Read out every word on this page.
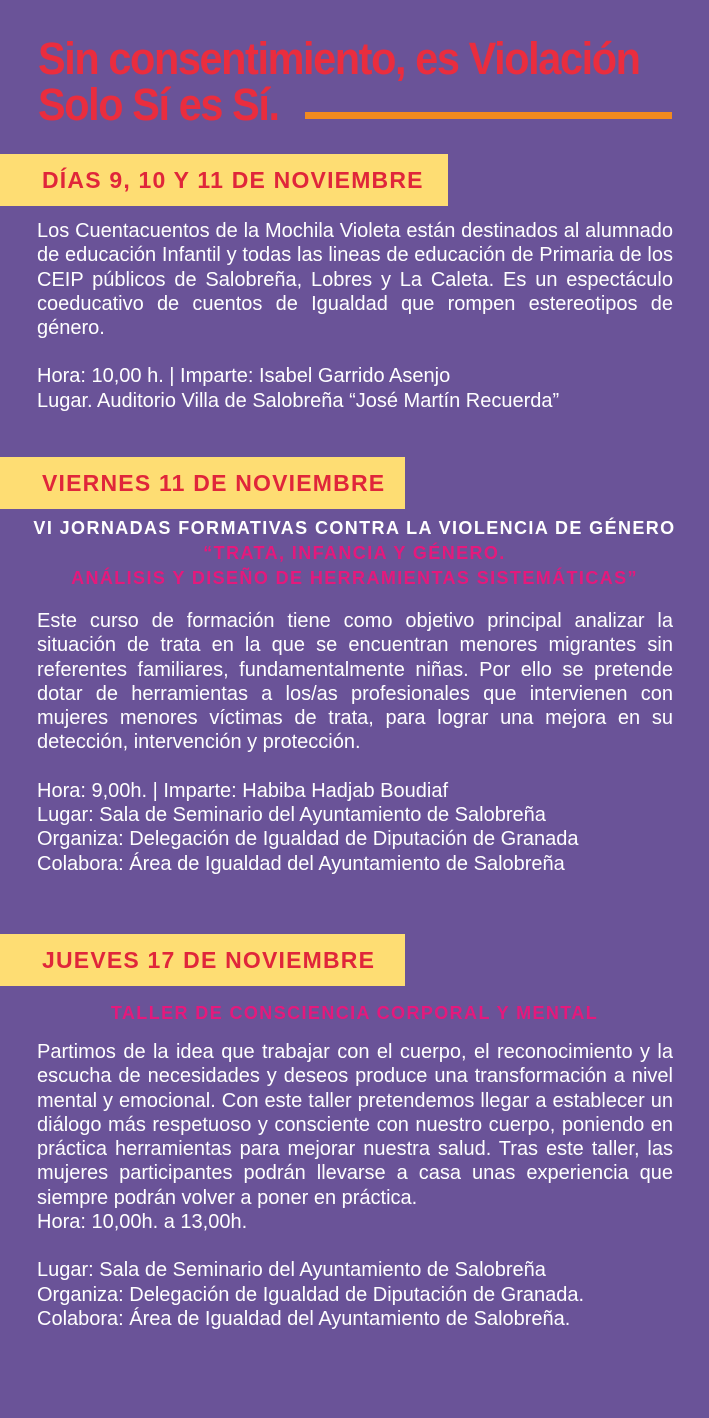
Sin consentimiento, es Violación
Solo Sí es Sí.
DÍAS 9, 10 Y 11 DE NOVIEMBRE

Los Cuentacuentos de la Mochila Violeta están destinados al alumnado de educación Infantil y todas las lineas de educación de Primaria de los CEIP públicos de Salobreña, Lobres y La Caleta. Es un espectáculo coeducativo de cuentos de Igualdad que rompen estereotipos de género.

Hora: 10,00 h. | Imparte: Isabel Garrido Asenjo

Lugar. Auditorio Villa de Salobreña “José Martín Recuerda”

VIERNES 11 DE NOVIEMBRE
VI JORNADAS FORMATIVAS CONTRA LA VIOLENCIA DE GÉNERO
“TRATA, INFANCIA Y GÉNERO.
ANÁLISIS Y DISEÑO DE HERRAMIENTAS SISTEMÁTICAS”

Este curso de formación tiene como objetivo principal analizar la situación de trata en la que se encuentran menores migrantes sin referentes familiares, fundamentalmente niñas. Por ello se pretende dotar de herramientas a los/as profesionales que intervienen con mujeres menores víctimas de trata, para lograr una mejora en su detección, intervención y protección.

Hora: 9,00h. | Imparte: Habiba Hadjab Boudiaf

Lugar: Sala de Seminario del Ayuntamiento de Salobreña

Organiza: Delegación de Igualdad de Diputación de Granada

Colabora: Área de Igualdad del Ayuntamiento de Salobreña

JUEVES 17 DE NOVIEMBRE
TALLER DE CONSCIENCIA CORPORAL Y MENTAL

Partimos de la idea que trabajar con el cuerpo, el reconocimiento y la escucha de necesidades y deseos produce una transformación a nivel mental y emocional. Con este taller pretendemos llegar a establecer un diálogo más respetuoso y consciente con nuestro cuerpo, poniendo en práctica herramientas para mejorar nuestra salud. Tras este taller, las mujeres participantes podrán llevarse a casa unas experiencia que siempre podrán volver a poner en práctica.

Hora: 10,00h. a 13,00h.

Lugar: Sala de Seminario del Ayuntamiento de Salobreña

Organiza: Delegación de Igualdad de Diputación de Granada.

Colabora: Área de Igualdad del Ayuntamiento de Salobreña.
